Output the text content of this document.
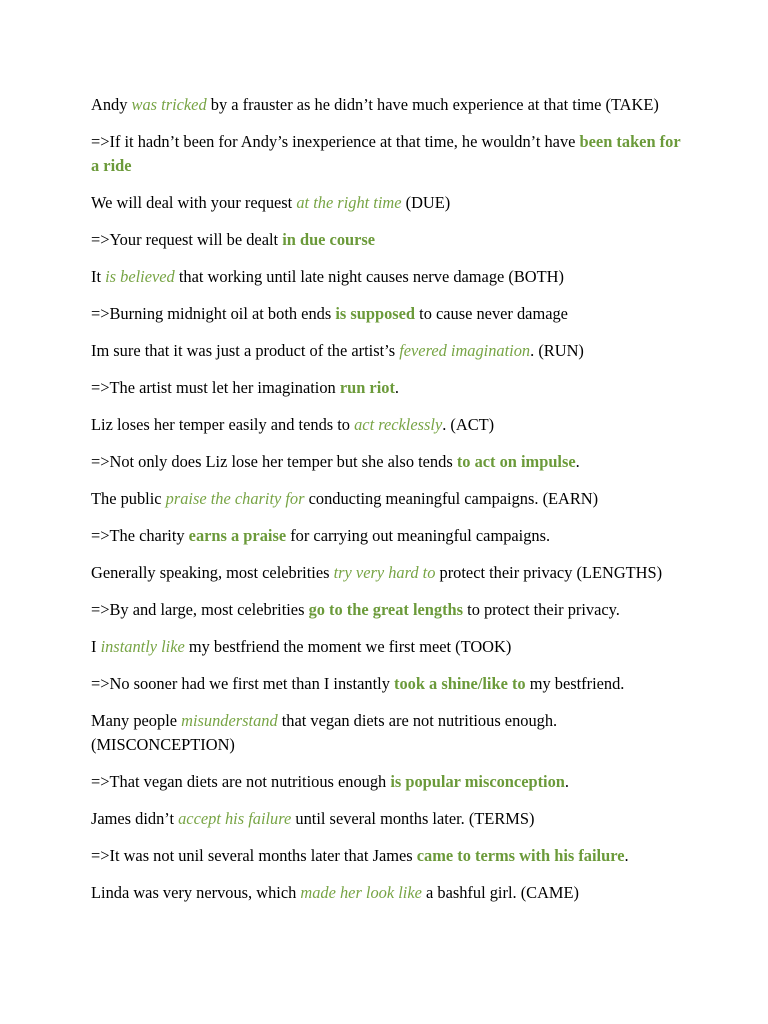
Andy was tricked by a frauster as he didn’t have much experience at that time (TAKE)

=>If it hadn’t been for Andy’s inexperience at that time, he wouldn’t have been taken for a ride

We will deal with your request at the right time (DUE)

=>Your request will be dealt in due course

It is believed that working until late night causes nerve damage (BOTH)

=>Burning midnight oil at both ends is supposed to cause never damage

Im sure that it was just a product of the artist’s fevered imagination. (RUN)

=>The artist must let her imagination run riot.

Liz loses her temper easily and tends to act recklessly. (ACT)

=>Not only does Liz lose her temper but she also tends to act on impulse.

The public praise the charity for conducting meaningful campaigns. (EARN)

=>The charity earns a praise for carrying out meaningful campaigns.

Generally speaking, most celebrities try very hard to protect their privacy (LENGTHS)

=>By and large, most celebrities go to the great lengths to protect their privacy.

I instantly like my bestfriend the moment we first meet (TOOK)

=>No sooner had we first met than I instantly took a shine/like to my bestfriend.

Many people misunderstand that vegan diets are not nutritious enough. (MISCONCEPTION)

=>That vegan diets are not nutritious enough is popular misconception.

James didn’t accept his failure until several months later. (TERMS)

=>It was not unil several months later that James came to terms with his failure.

Linda was very nervous, which made her look like a bashful girl. (CAME)
